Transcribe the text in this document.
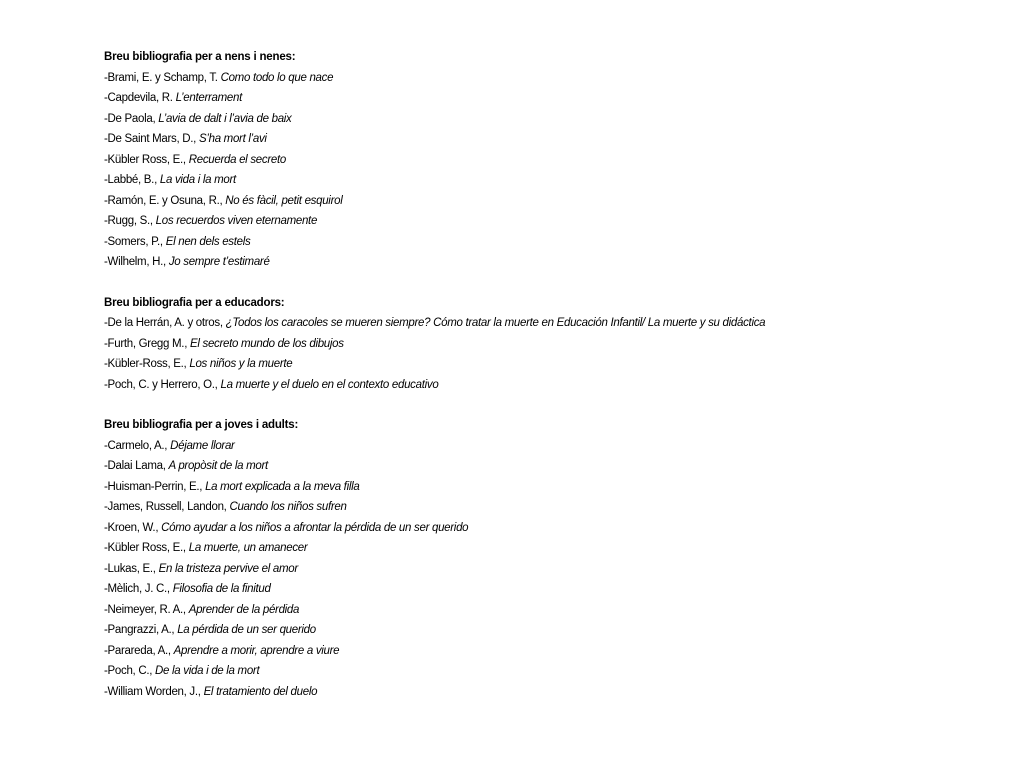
Breu bibliografia per a nens i nenes:
-Brami, E. y Schamp, T. Como todo lo que nace
-Capdevila, R. L’enterrament
-De Paola, L’avia de dalt i l’avia de baix
-De Saint Mars, D., S’ha mort l’avi
-Kübler Ross, E., Recuerda el secreto
-Labbé, B., La vida i la mort
-Ramón, E. y Osuna, R., No és fàcil, petit esquirol
-Rugg, S., Los recuerdos viven eternamente
-Somers, P., El nen dels estels
-Wilhelm, H., Jo sempre t’estimaré
Breu bibliografia per a educadors:
-De la Herrán, A. y otros, ¿Todos los caracoles se mueren siempre? Cómo tratar la muerte en Educación Infantil/ La muerte y su didáctica
-Furth, Gregg M., El secreto mundo de los dibujos
-Kübler-Ross, E., Los niños y la muerte
-Poch, C. y Herrero, O., La muerte y el duelo en el contexto educativo
Breu bibliografia per a joves i adults:
-Carmelo, A., Déjame llorar
-Dalai Lama, A propòsit de la mort
-Huisman-Perrin, E., La mort explicada a la meva filla
-James, Russell, Landon, Cuando los niños sufren
-Kroen, W., Cómo ayudar a los niños a afrontar la pérdida de un ser querido
-Kübler Ross, E., La muerte, un amanecer
-Lukas, E., En la tristeza pervive el amor
-Mèlich, J. C., Filosofia de la finitud
-Neimeyer, R. A., Aprender de la pérdida
-Pangrazzi, A., La pérdida de un ser querido
-Parareda, A., Aprendre a morir, aprendre a viure
-Poch, C., De la vida i de la mort
-William Worden, J., El tratamiento del duelo
